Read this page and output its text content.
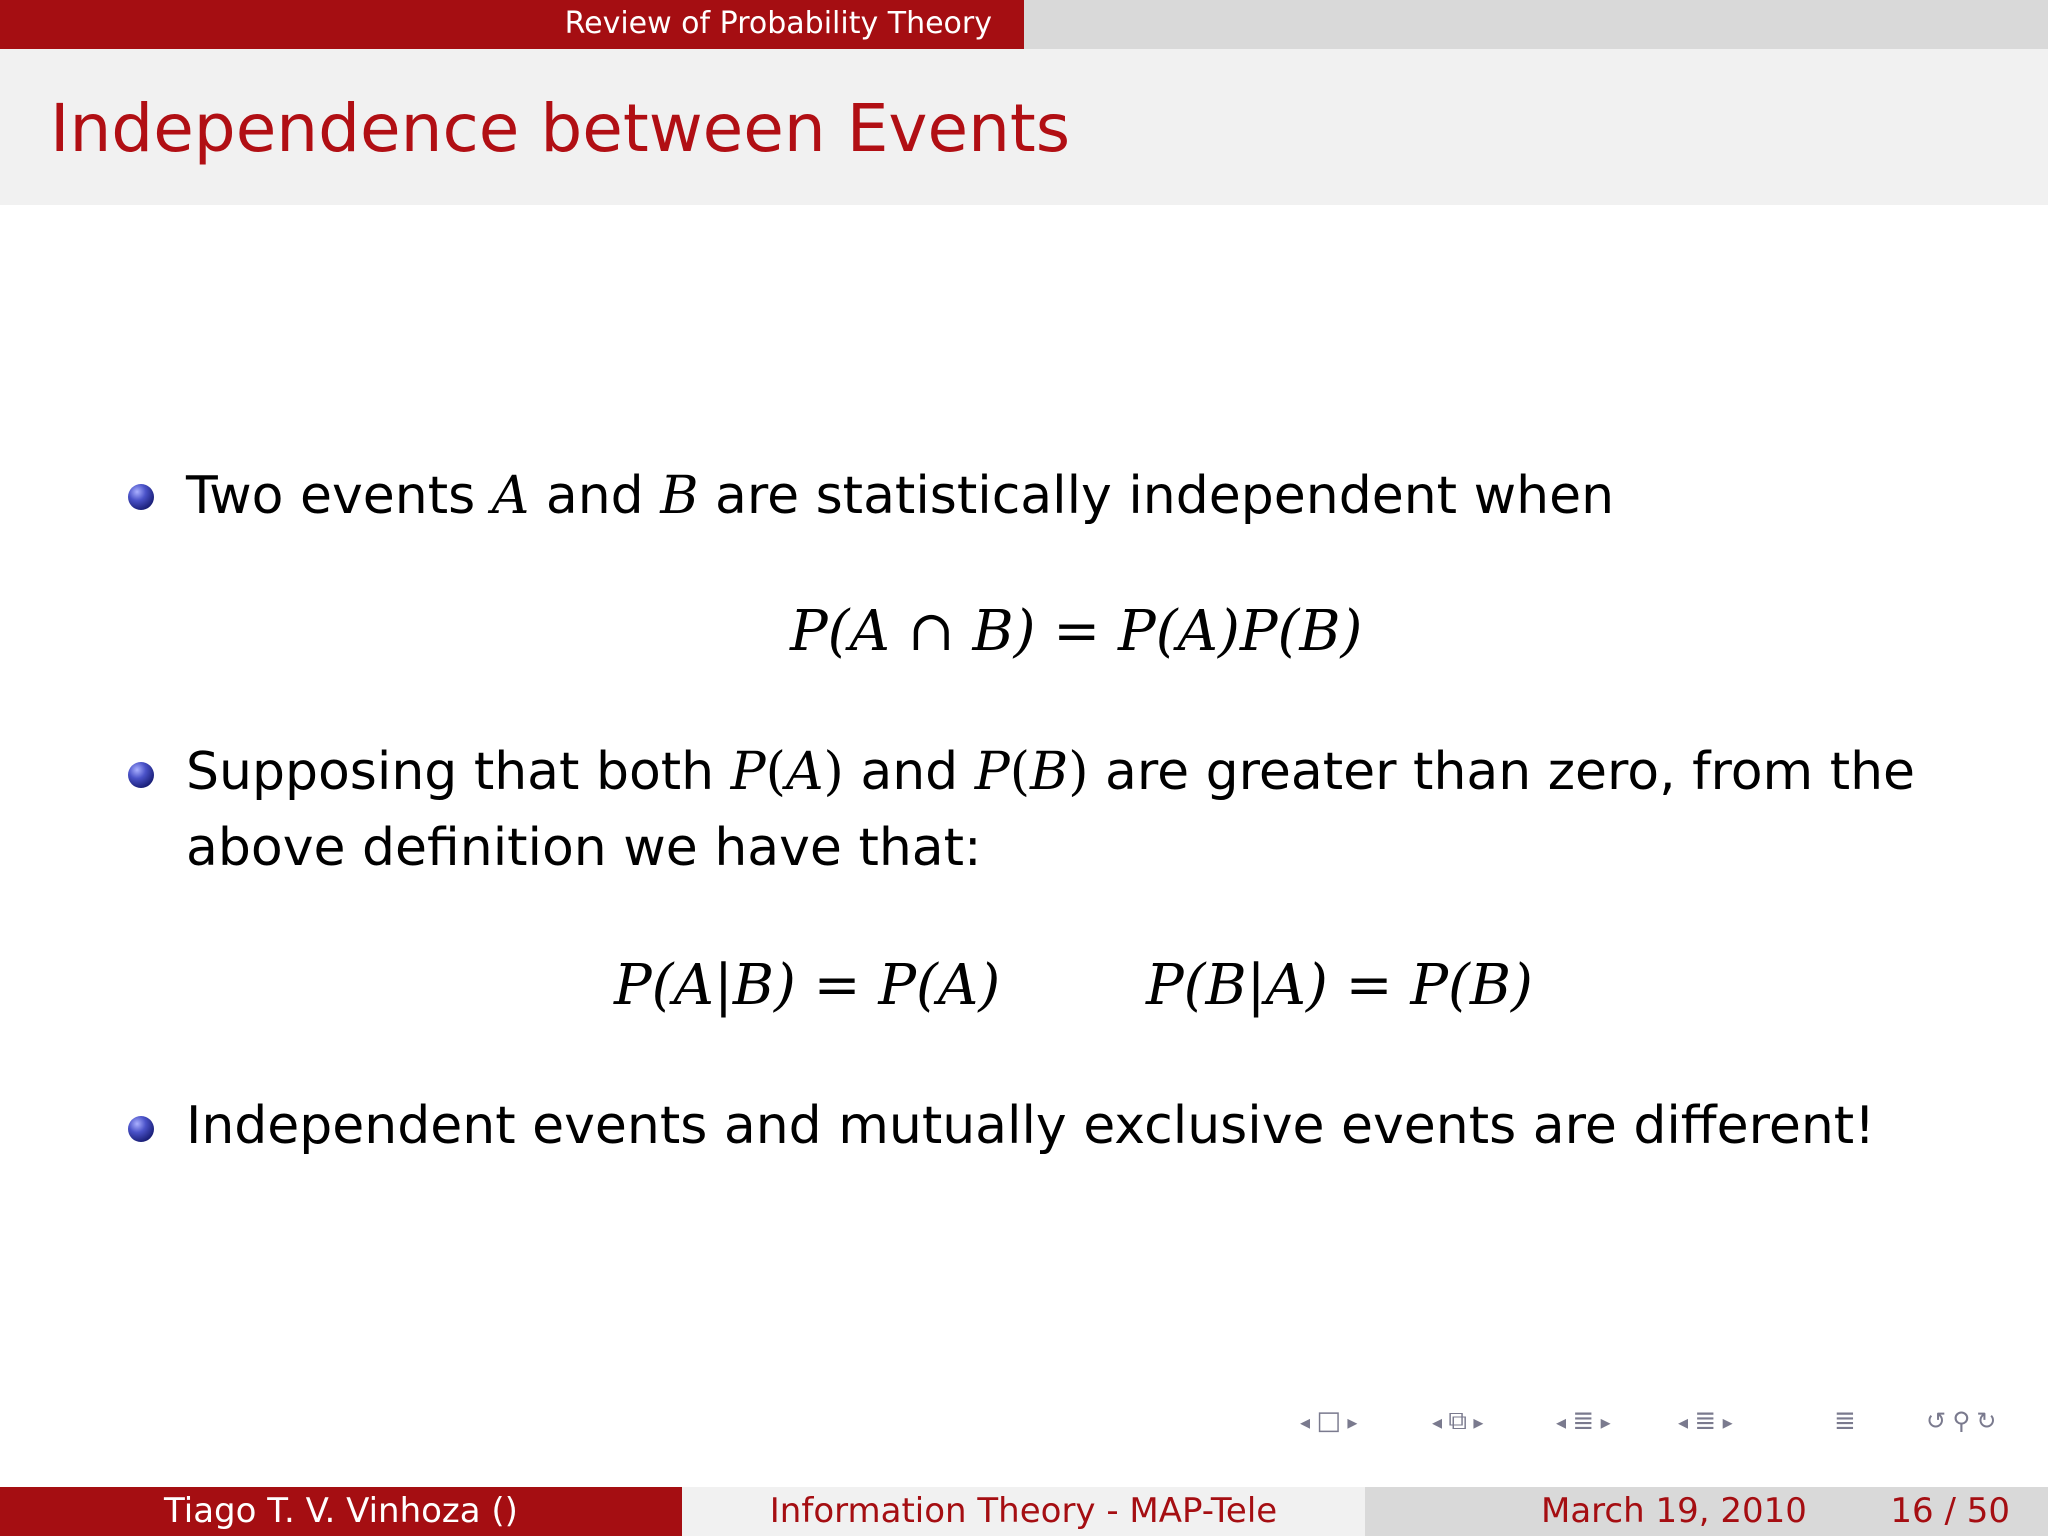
Review of Probability Theory
Independence between Events
Two events A and B are statistically independent when
P(A ∩ B) = P(A)P(B)
Supposing that both P(A) and P(B) are greater than zero, from the
above definition we have that:
P(A|B) = P(A)	P(B|A) = P(B)
Independent events and mutually exclusive events are different!
◂ □ ▸	◂ ⧉ ▸	◂ ≣ ▸	◂ ≣ ▸	≣	↺ ⚲ ↻
Tiago T. V. Vinhoza ()	Information Theory - MAP-Tele	March 19, 2010 16 / 50
